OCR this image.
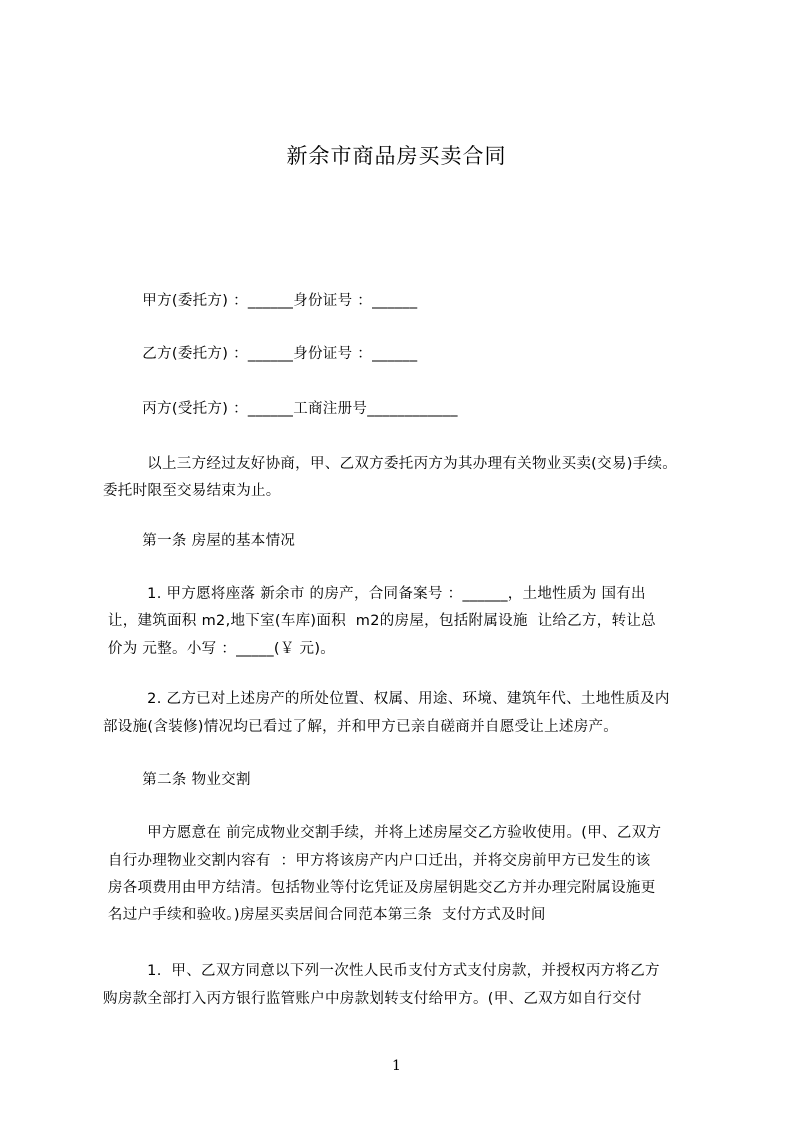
新余市商品房买卖合同
甲方(委托方) ：______身份证号 ：______
乙方(委托方) ：______身份证号 ：______
丙方(受托方) ：______工商注册号____________
以上三方经过友好协商，甲、乙双方委托丙方为其办理有关物业买卖(交易)手续。
委托时限至交易结束为止。
第一条 房屋的基本情况
1. 甲方愿将座落 新余市 的房产，合同备案号 ：______，土地性质为 国有出
让，建筑面积 m2,地下室(车库)面积  m2的房屋，包括附属设施  让给乙方，转让总
价为 元整。小写 ：_____(￥ 元)。
2. 乙方已对上述房产的所处位置、权属、用途、环境、建筑年代、土地性质及内
部设施(含装修)情况均已看过了解，并和甲方已亲自磋商并自愿受让上述房产。
第二条 物业交割
甲方愿意在 前完成物业交割手续，并将上述房屋交乙方验收使用。(甲、乙双方
自行办理物业交割内容有  ：甲方将该房产内户口迁出，并将交房前甲方已发生的该
房各项费用由甲方结清。包括物业等付讫凭证及房屋钥匙交乙方并办理完附属设施更
名过户手续和验收。)房屋买卖居间合同范本第三条  支付方式及时间
1.  甲、乙双方同意以下列一次性人民币支付方式支付房款，并授权丙方将乙方
购房款全部打入丙方银行监管账户中房款划转支付给甲方。(甲、乙双方如自行交付
1
